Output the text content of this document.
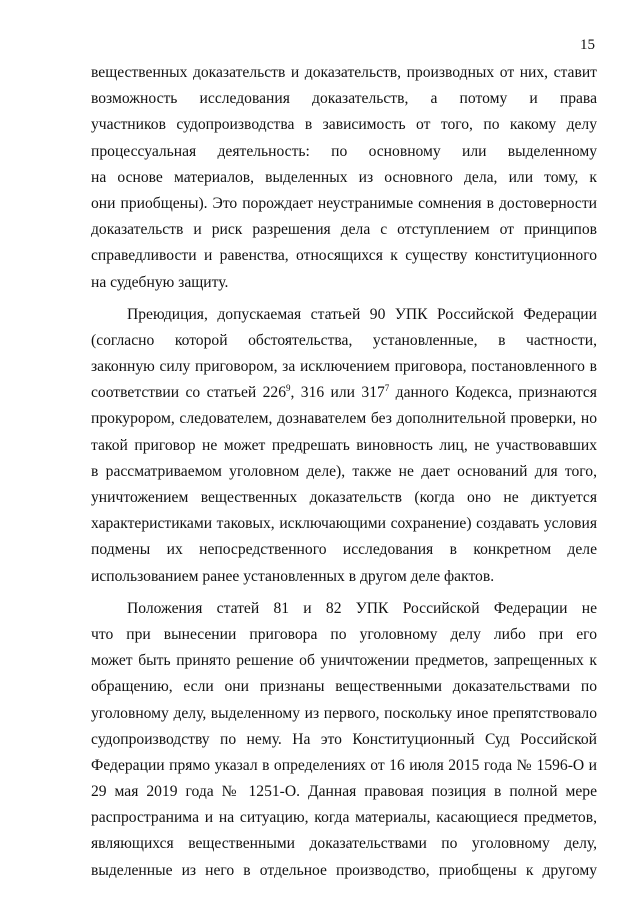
15
вещественных доказательств и доказательств, производных от них, ставит
возможность исследования доказательств, а потому и права
участников судопроизводства в зависимость от того, по какому делу
процессуальная деятельность: по основному или выделенному
на основе материалов, выделенных из основного дела, или тому, к
они приобщены). Это порождает неустранимые сомнения в достоверности
доказательств и риск разрешения дела с отступлением от принципов
справедливости и равенства, относящихся к существу конституционного
на судебную защиту.
Преюдиция, допускаемая статьей 90 УПК Российской Федерации
(согласно которой обстоятельства, установленные, в частности,
законную силу приговором, за исключением приговора, постановленного в
соответствии со статьей $226^9$, 316 или $317^7$ данного Кодекса, признаются
прокурором, следователем, дознавателем без дополнительной проверки, но
такой приговор не может предрешать виновность лиц, не участвовавших
в рассматриваемом уголовном деле), также не дает оснований для того,
уничтожением вещественных доказательств (когда оно не диктуется
характеристиками таковых, исключающими сохранение) создавать условия
подмены их непосредственного исследования в конкретном деле
использованием ранее установленных в другом деле фактов.
Положения статей 81 и 82 УПК Российской Федерации не
что при вынесении приговора по уголовному делу либо при его
может быть принято решение об уничтожении предметов, запрещенных к
обращению, если они признаны вещественными доказательствами по
уголовному делу, выделенному из первого, поскольку иное препятствовало
судопроизводству по нему. На это Конституционный Суд Российской
Федерации прямо указал в определениях от 16 июля 2015 года № 1596-О и
29 мая 2019 года № 1251-О. Данная правовая позиция в полной мере
распространима и на ситуацию, когда материалы, касающиеся предметов,
являющихся вещественными доказательствами по уголовному делу,
выделенные из него в отдельное производство, приобщены к другому
